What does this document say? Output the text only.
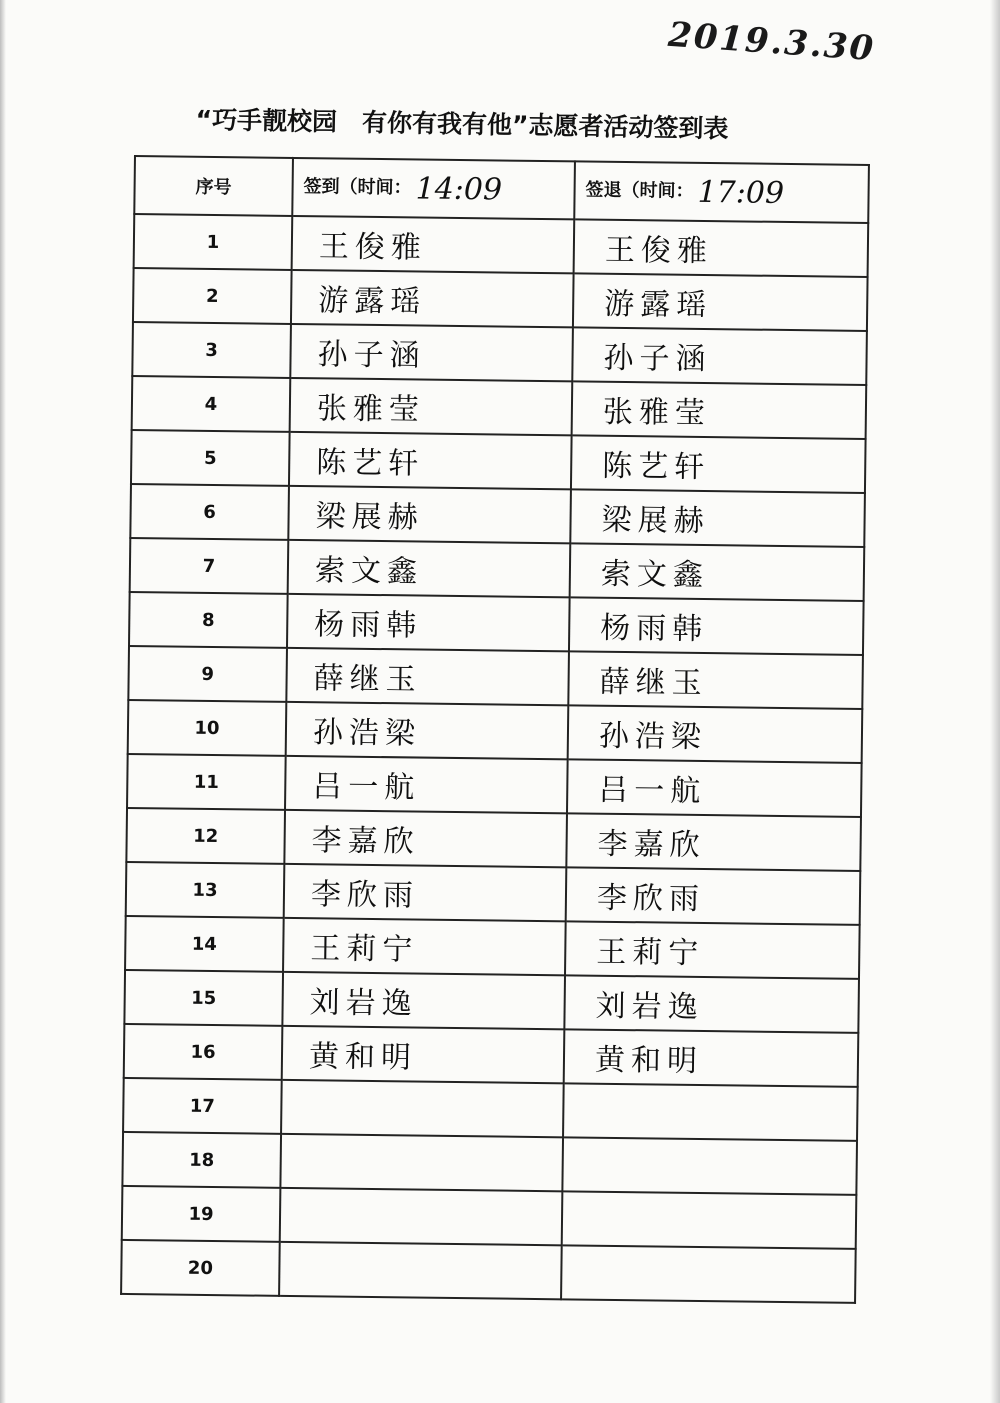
2019.3.30
“巧手靓校园　有你有我有他”志愿者活动签到表
序号	签到（时间： 14:09	签退（时间： 17:09
1	王俊雅	王俊雅
2	游露瑶	游露瑶
3	孙子涵	孙子涵
4	张雅莹	张雅莹
5	陈艺轩	陈艺轩
6	梁展赫	梁展赫
7	索文鑫	索文鑫
8	杨雨韩	杨雨韩
9	薛继玉	薛继玉
10	孙浩梁	孙浩梁
11	吕一航	吕一航
12	李嘉欣	李嘉欣
13	李欣雨	李欣雨
14	王莉宁	王莉宁
15	刘岩逸	刘岩逸
16	黄和明	黄和明
17		
18		
19		
20		
